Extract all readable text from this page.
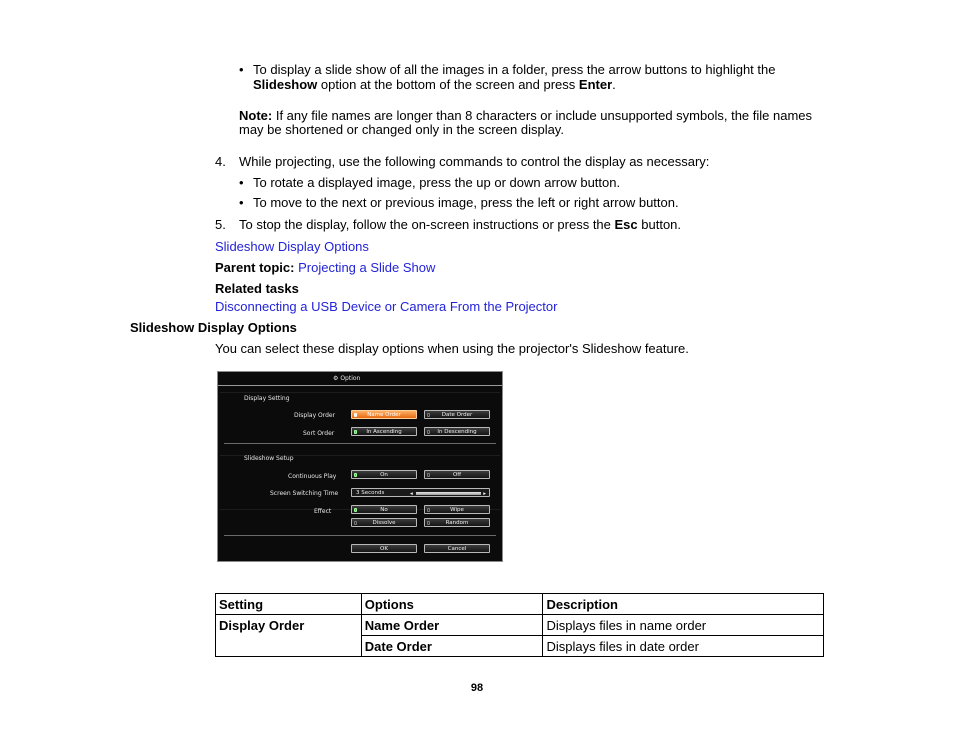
• To display a slide show of all the images in a folder, press the arrow buttons to highlight the
Slideshow option at the bottom of the screen and press Enter.
Note: If any file names are longer than 8 characters or include unsupported symbols, the file names
may be shortened or changed only in the screen display.
4. While projecting, use the following commands to control the display as necessary:
• To rotate a displayed image, press the up or down arrow button.
• To move to the next or previous image, press the left or right arrow button.
5. To stop the display, follow the on-screen instructions or press the Esc button.
Slideshow Display Options
Parent topic: Projecting a Slide Show
Related tasks
Disconnecting a USB Device or Camera From the Projector
Slideshow Display Options
You can select these display options when using the projector's Slideshow feature.
⚙ Option
Display Setting
Display Order	Name Order	Date Order
Sort Order	In Ascending	In Descending
Slideshow Setup
Continuous Play	On	Off
Screen Switching Time	3 Seconds	◂	▸
Effect	No	Wipe
Dissolve	Random
OK	Cancel
Setting	Options	Description
Display Order	Name Order	Displays files in name order
	Date Order	Displays files in date order
98
